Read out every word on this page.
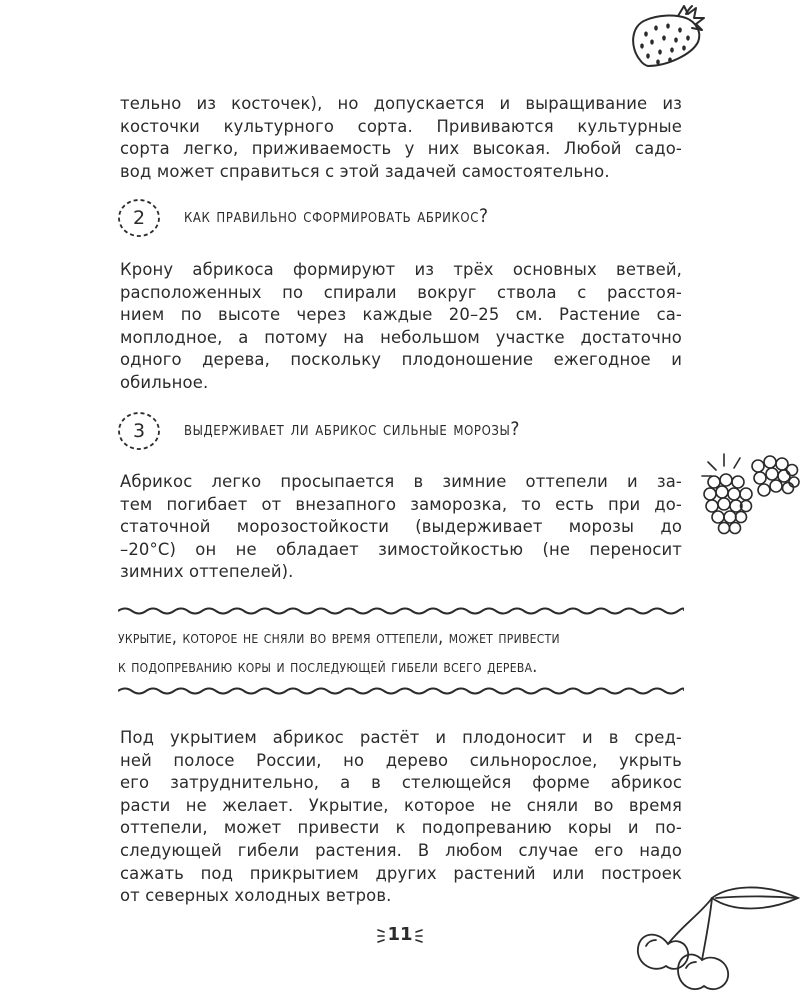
тельно из косточек), но допускается и выращивание из
косточки культурного сорта. Прививаются культурные
сорта легко, приживаемость у них высокая. Любой садо-
вод может справиться с этой задачей самостоятельно.
2	как правильно сформировать абрикос?
Крону абрикоса формируют из трёх основных ветвей,
расположенных по спирали вокруг ствола с расстоя-
нием по высоте через каждые 20–25 см. Растение са-
моплодное, а потому на небольшом участке достаточно
одного дерева, поскольку плодоношение ежегодное и
обильное.
3	выдерживает ли абрикос сильные морозы?
Абрикос легко просыпается в зимние оттепели и за-
тем погибает от внезапного заморозка, то есть при до-
статочной морозостойкости (выдерживает морозы до
–20°С) он не обладает зимостойкостью (не переносит
зимних оттепелей).
укрытие, которое не сняли во время оттепели, может привести
к подопреванию коры и последующей гибели всего дерева.
Под укрытием абрикос растёт и плодоносит и в сред-
ней полосе России, но дерево сильнорослое, укрыть
его затруднительно, а в стелющейся форме абрикос
расти не желает. Укрытие, которое не сняли во время
оттепели, может привести к подопреванию коры и по-
следующей гибели растения. В любом случае его надо
сажать под прикрытием других растений или построек
от северных холодных ветров.
11
